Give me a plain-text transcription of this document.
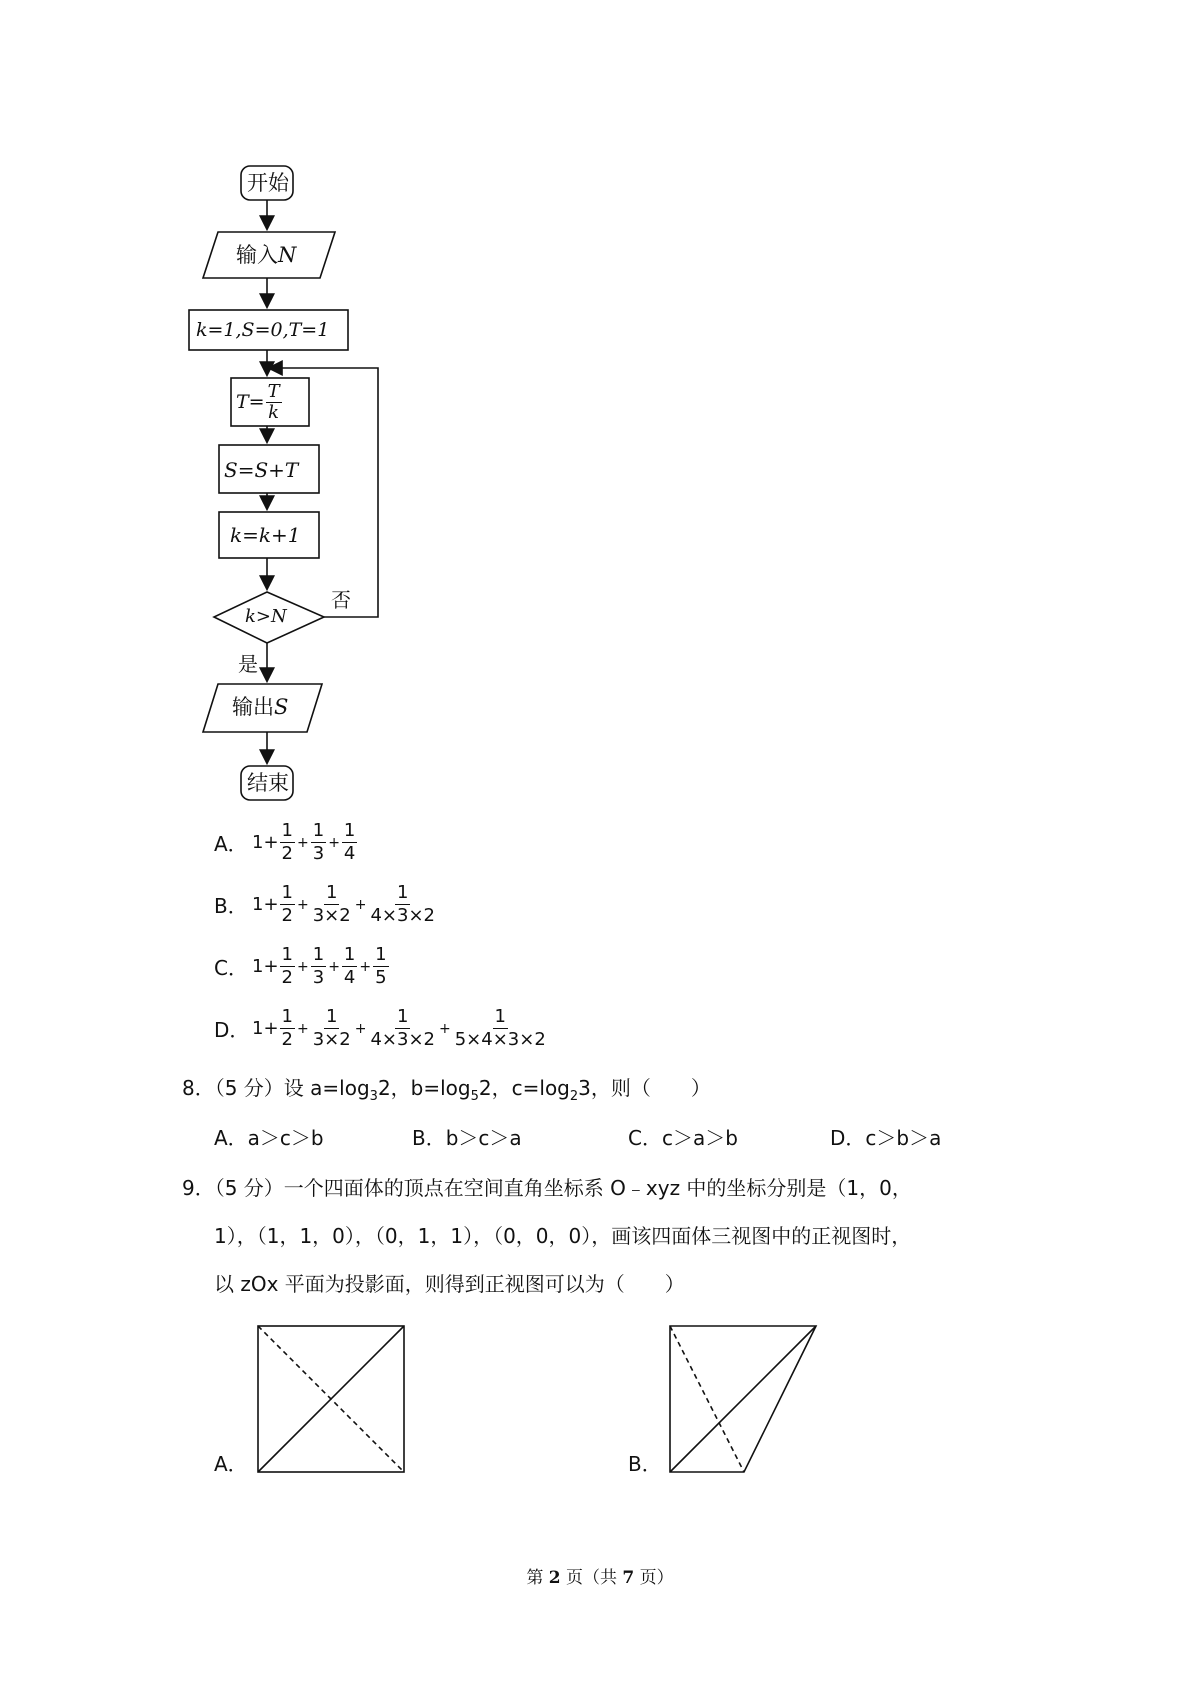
开始
输入N
k=1,S=0,T=1
$T= \frac{T}{k}$
S=S+T
k=k+1
k>N
否
是
输出S
结束
A． $1+ \frac{1}{2} + \frac{1}{3} + \frac{1}{4}$
B． $1+ \frac{1}{2} + \frac{1}{3\times 2} + \frac{1}{4\times 3\times 2}$
C． $1+ \frac{1}{2} + \frac{1}{3} + \frac{1}{4} + \frac{1}{5}$
D． $1+ \frac{1}{2} + \frac{1}{3\times 2} + \frac{1}{4\times 3\times 2} + \frac{1}{5\times 4\times 3\times 2}$
8．（5 分）设 $a=\log_32$，$b=\log_52$，$c=\log_23$，则（　　）
A．a＞c＞b	B．b＞c＞a	C．c＞a＞b	D．c＞b＞a
9．（5 分）一个四面体的顶点在空间直角坐标系 O﹣xyz 中的坐标分别是（1，0，
1），（1，1，0），（0，1，1），（0，0，0），画该四面体三视图中的正视图时，
以 zOx 平面为投影面，则得到正视图可以为（　　）
A．	B．
第 2 页（共 7 页）
